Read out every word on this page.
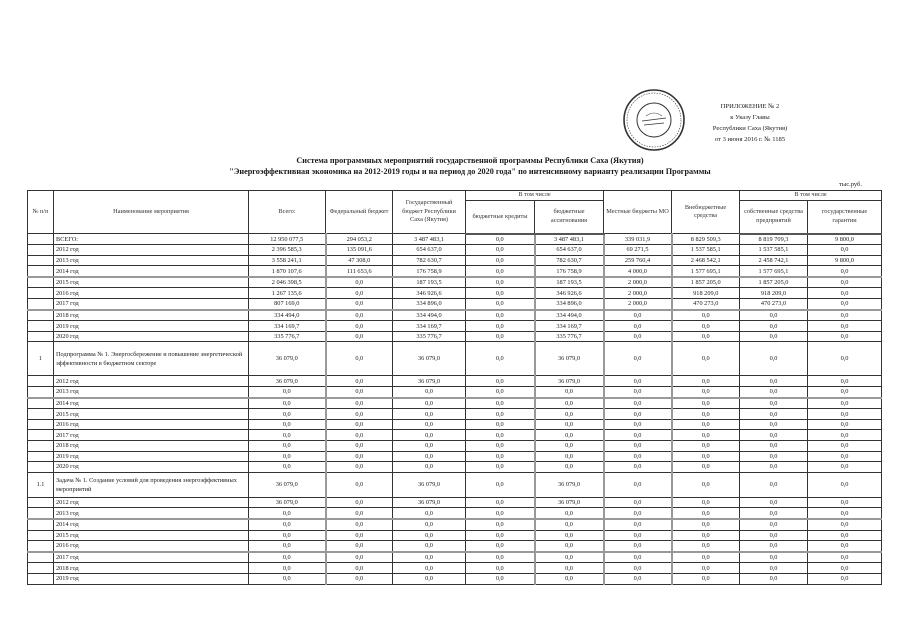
ПРИЛОЖЕНИЕ № 2
к Указу Главы
Республики Саха (Якутия)
от 3 июня 2016 г. № 1185
Система программных мероприятий государственной программы Республики Саха (Якутия)
"Энергоэффективная экономика на 2012-2019 годы и на период до 2020 года" по интенсивному варианту реализации Программы
тыс.руб.
№ п/п	Наименование мероприятия	Всего:	Федеральный бюджет	Государственный бюджет Республики Саха (Якутия)	В том числе		Местные бюджеты МО	Внебюджетные средства	В том числе	
					бюджетные кредиты	бюджетные ассигнования			собственные средства предприятий	государственные гарантии
	ВСЕГО:	12 950 077,5	294 053,2	3 487 483,1	0,0	3 487 483,1	339 031,9	8 829 509,3	8 819 709,3	9 800,0
	2012 год	2 396 585,3	135 091,6	654 637,0	0,0	654 637,0	69 271,5	1 537 585,1	1 537 585,1	0,0
	2013 год	3 558 241,1	47 308,0	782 630,7	0,0	782 630,7	259 760,4	2 468 542,1	2 458 742,1	9 800,0
	2014 год	1 870 107,6	111 653,6	176 758,9	0,0	176 758,9	4 000,0	1 577 695,1	1 577 695,1	0,0
	2015 год	2 046 398,5	0,0	187 193,5	0,0	187 193,5	2 000,0	1 857 205,0	1 857 205,0	0,0
	2016 год	1 267 135,6	0,0	346 926,6	0,0	346 926,6	2 000,0	918 209,0	918 209,0	0,0
	2017 год	807 169,0	0,0	334 896,0	0,0	334 896,0	2 000,0	470 273,0	470 273,0	0,0
	2018 год	334 494,0	0,0	334 494,0	0,0	334 494,0	0,0	0,0	0,0	0,0
	2019 год	334 169,7	0,0	334 169,7	0,0	334 169,7	0,0	0,0	0,0	0,0
	2020 год	335 776,7	0,0	335 776,7	0,0	335 776,7	0,0	0,0	0,0	0,0
1	Подпрограмма № 1. Энергосбережение и повышение энергетической эффективности в бюджетном секторе	36 079,0	0,0	36 079,0	0,0	36 079,0	0,0	0,0	0,0	0,0
	2012 год	36 079,0	0,0	36 079,0	0,0	36 079,0	0,0	0,0	0,0	0,0
	2013 год	0,0	0,0	0,0	0,0	0,0	0,0	0,0	0,0	0,0
	2014 год	0,0	0,0	0,0	0,0	0,0	0,0	0,0	0,0	0,0
	2015 год	0,0	0,0	0,0	0,0	0,0	0,0	0,0	0,0	0,0
	2016 год	0,0	0,0	0,0	0,0	0,0	0,0	0,0	0,0	0,0
	2017 год	0,0	0,0	0,0	0,0	0,0	0,0	0,0	0,0	0,0
	2018 год	0,0	0,0	0,0	0,0	0,0	0,0	0,0	0,0	0,0
	2019 год	0,0	0,0	0,0	0,0	0,0	0,0	0,0	0,0	0,0
	2020 год	0,0	0,0	0,0	0,0	0,0	0,0	0,0	0,0	0,0
1.1	Задача № 1. Создание условий для проведения энергоэффективных мероприятий	36 079,0	0,0	36 079,0	0,0	36 079,0	0,0	0,0	0,0	0,0
	2012 год	36 079,0	0,0	36 079,0	0,0	36 079,0	0,0	0,0	0,0	0,0
	2013 год	0,0	0,0	0,0	0,0	0,0	0,0	0,0	0,0	0,0
	2014 год	0,0	0,0	0,0	0,0	0,0	0,0	0,0	0,0	0,0
	2015 год	0,0	0,0	0,0	0,0	0,0	0,0	0,0	0,0	0,0
	2016 год	0,0	0,0	0,0	0,0	0,0	0,0	0,0	0,0	0,0
	2017 год	0,0	0,0	0,0	0,0	0,0	0,0	0,0	0,0	0,0
	2018 год	0,0	0,0	0,0	0,0	0,0	0,0	0,0	0,0	0,0
	2019 год	0,0	0,0	0,0	0,0	0,0	0,0	0,0	0,0	0,0
